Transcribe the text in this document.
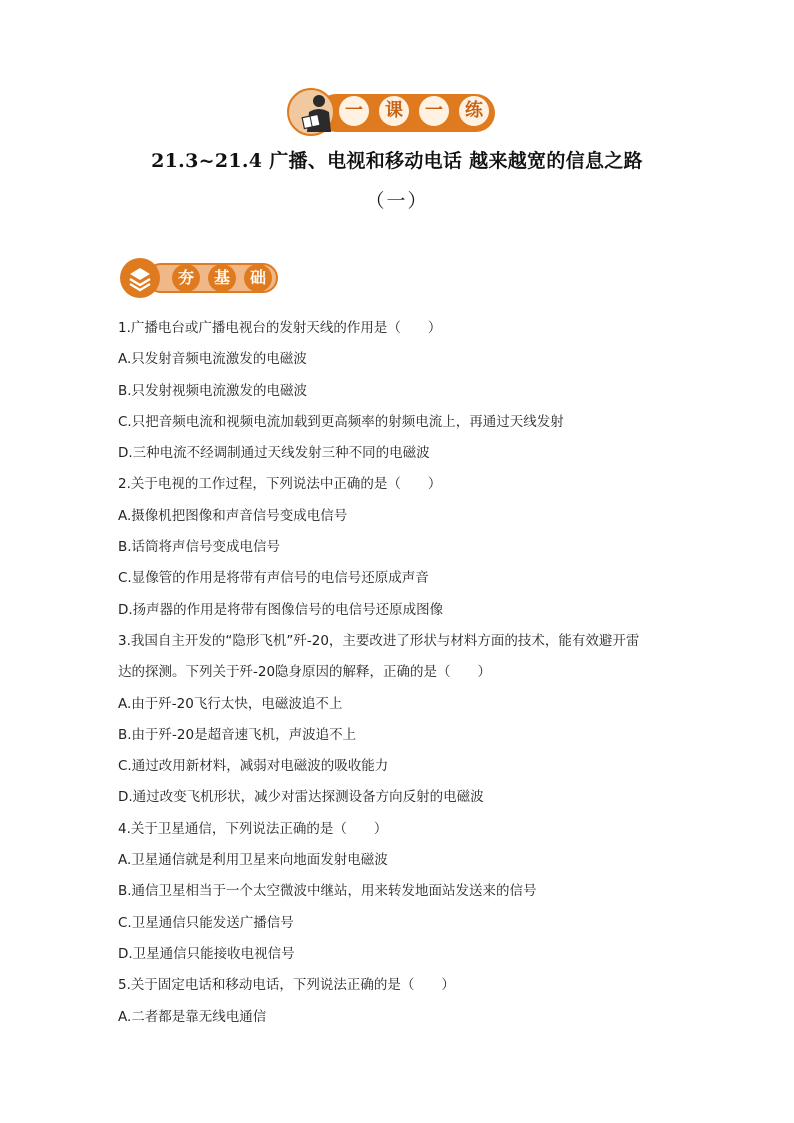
一	课	一	练
21.3~21.4 广播、电视和移动电话 越来越宽的信息之路
（一）
夯	基	础
1.广播电台或广播电视台的发射天线的作用是（　　）
A.只发射音频电流激发的电磁波
B.只发射视频电流激发的电磁波
C.只把音频电流和视频电流加载到更高频率的射频电流上，再通过天线发射
D.三种电流不经调制通过天线发射三种不同的电磁波
2.关于电视的工作过程，下列说法中正确的是（　　）
A.摄像机把图像和声音信号变成电信号
B.话筒将声信号变成电信号
C.显像管的作用是将带有声信号的电信号还原成声音
D.扬声器的作用是将带有图像信号的电信号还原成图像
3.我国自主开发的“隐形飞机”歼-20，主要改进了形状与材料方面的技术，能有效避开雷
达的探测。下列关于歼-20隐身原因的解释，正确的是（　　）
A.由于歼-20飞行太快，电磁波追不上
B.由于歼-20是超音速飞机，声波追不上
C.通过改用新材料，减弱对电磁波的吸收能力
D.通过改变飞机形状，减少对雷达探测设备方向反射的电磁波
4.关于卫星通信，下列说法正确的是（　　）
A.卫星通信就是利用卫星来向地面发射电磁波
B.通信卫星相当于一个太空微波中继站，用来转发地面站发送来的信号
C.卫星通信只能发送广播信号
D.卫星通信只能接收电视信号
5.关于固定电话和移动电话，下列说法正确的是（　　）
A.二者都是靠无线电通信
